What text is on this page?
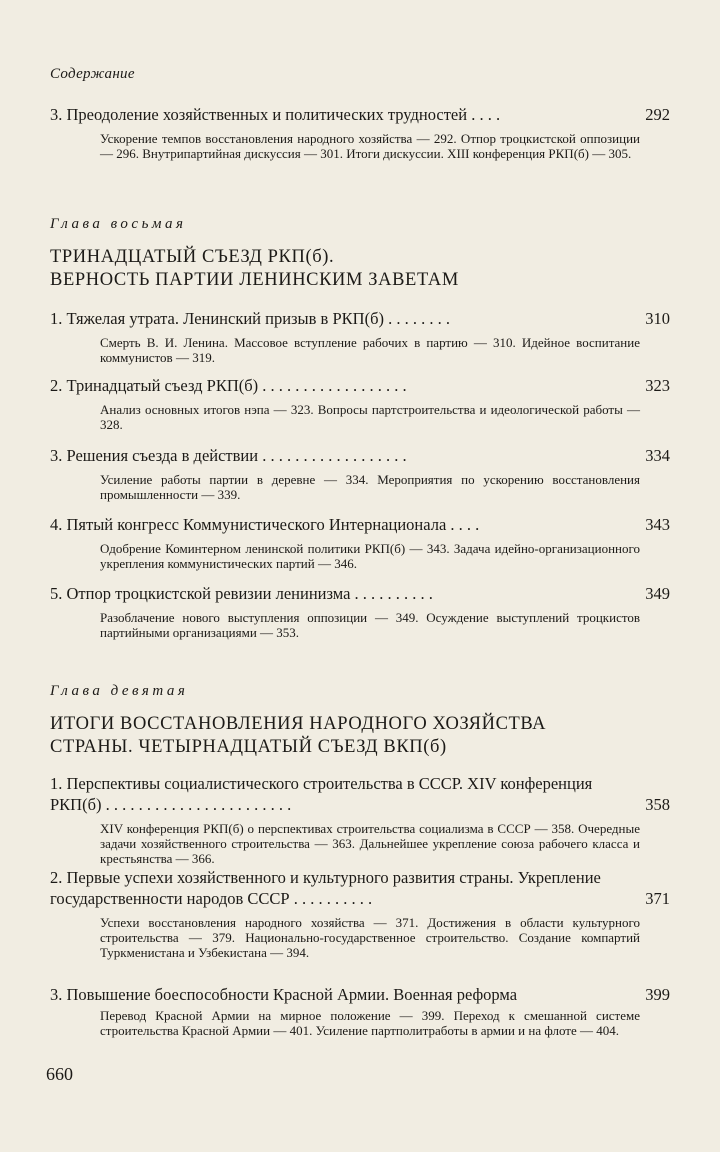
Содержание
3. Преодоление хозяйственных и политических трудностей . . . .	292
Ускорение темпов восстановления народного хозяйства — 292. Отпор троцкистской оппозиции — 296. Внутрипартийная дискуссия — 301. Итоги дискуссии. XIII конференция РКП(б) — 305.
Глава восьмая
ТРИНАДЦАТЫЙ СЪЕЗД РКП(б).
ВЕРНОСТЬ ПАРТИИ ЛЕНИНСКИМ ЗАВЕТАМ
1. Тяжелая утрата. Ленинский призыв в РКП(б) . . . . . . . .	310
Смерть В. И. Ленина. Массовое вступление рабочих в партию — 310. Идейное воспитание коммунистов — 319.
2. Тринадцатый съезд РКП(б) . . . . . . . . . . . . . . . . . .	323
Анализ основных итогов нэпа — 323. Вопросы партстроительства и идеологической работы — 328.
3. Решения съезда в действии . . . . . . . . . . . . . . . . . .	334
Усиление работы партии в деревне — 334. Мероприятия по ускорению восстановления промышленности — 339.
4. Пятый конгресс Коммунистического Интернационала . . . .	343
Одобрение Коминтерном ленинской политики РКП(б) — 343. Задача идейно-организационного укрепления коммунистических партий — 346.
5. Отпор троцкистской ревизии ленинизма . . . . . . . . . .	349
Разоблачение нового выступления оппозиции — 349. Осуждение выступлений троцкистов партийными организациями — 353.
Глава девятая
ИТОГИ ВОССТАНОВЛЕНИЯ НАРОДНОГО ХОЗЯЙСТВА
СТРАНЫ. ЧЕТЫРНАДЦАТЫЙ СЪЕЗД ВКП(б)
1. Перспективы социалистического строительства в СССР. XIV конференция РКП(б) . . . . . . . . . . . . . . . . . . . . . . .	358
XIV конференция РКП(б) о перспективах строительства социализма в СССР — 358. Очередные задачи хозяйственного строительства — 363. Дальнейшее укрепление союза рабочего класса и крестьянства — 366.
2. Первые успехи хозяйственного и культурного развития страны. Укрепление государственности народов СССР . . . . . . . . . .	371
Успехи восстановления народного хозяйства — 371. Достижения в области культурного строительства — 379. Национально-государственное строительство. Создание компартий Туркменистана и Узбекистана — 394.
3. Повышение боеспособности Красной Армии. Военная реформа	399
Перевод Красной Армии на мирное положение — 399. Переход к смешанной системе строительства Красной Армии — 401. Усиление партполитработы в армии и на флоте — 404.
660
